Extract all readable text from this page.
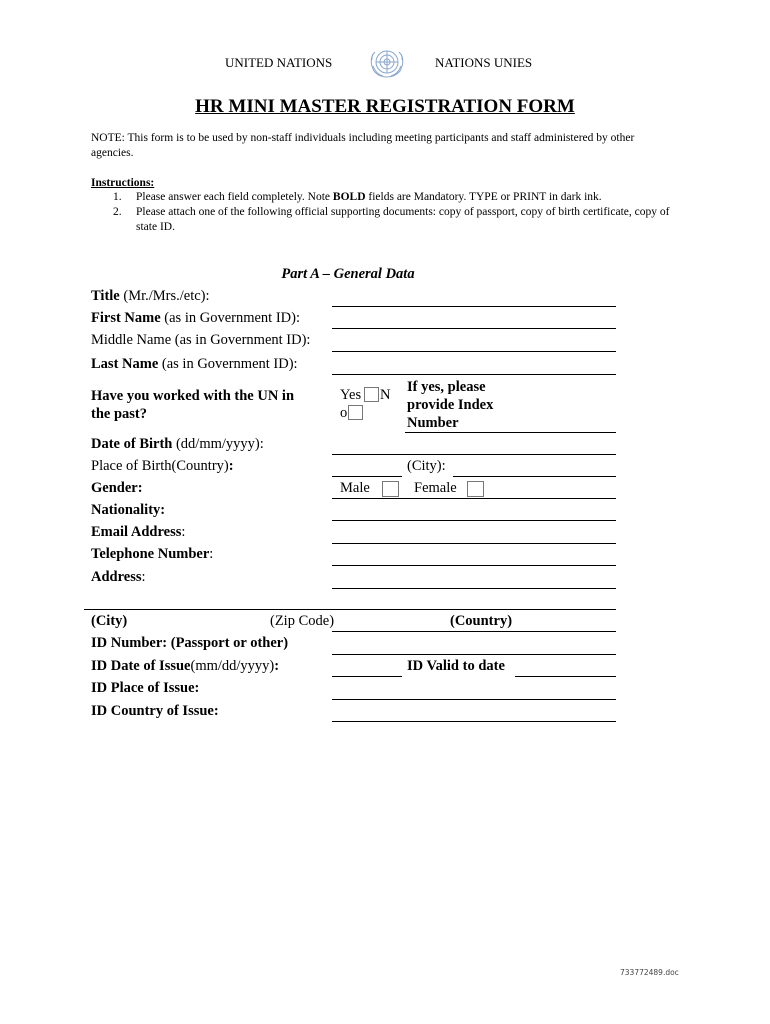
UNITED NATIONS	NATIONS UNIES
HR MINI MASTER REGISTRATION FORM
NOTE: This form is to be used by non-staff individuals including meeting participants and staff administered by other agencies.
Instructions:
1. Please answer each field completely. Note BOLD fields are Mandatory. TYPE or PRINT in dark ink.
2. Please attach one of the following official supporting documents: copy of passport, copy of birth certificate, copy of state ID.
Part A – General Data
Title (Mr./Mrs./etc):
First Name (as in Government ID):
Middle Name (as in Government ID):
Last Name (as in Government ID):
Have you worked with the UN in the past?
Yes N
o
If yes, please provide Index Number
Date of Birth (dd/mm/yyyy):
Place of Birth(Country):	(City):
Gender:	Male	Female
Nationality:
Email Address:
Telephone Number:
Address:
(City)	(Zip Code)	(Country)
ID Number: (Passport or other)
ID Date of Issue(mm/dd/yyyy):	ID Valid to date
ID Place of Issue:
ID Country of Issue:
733772489.doc
